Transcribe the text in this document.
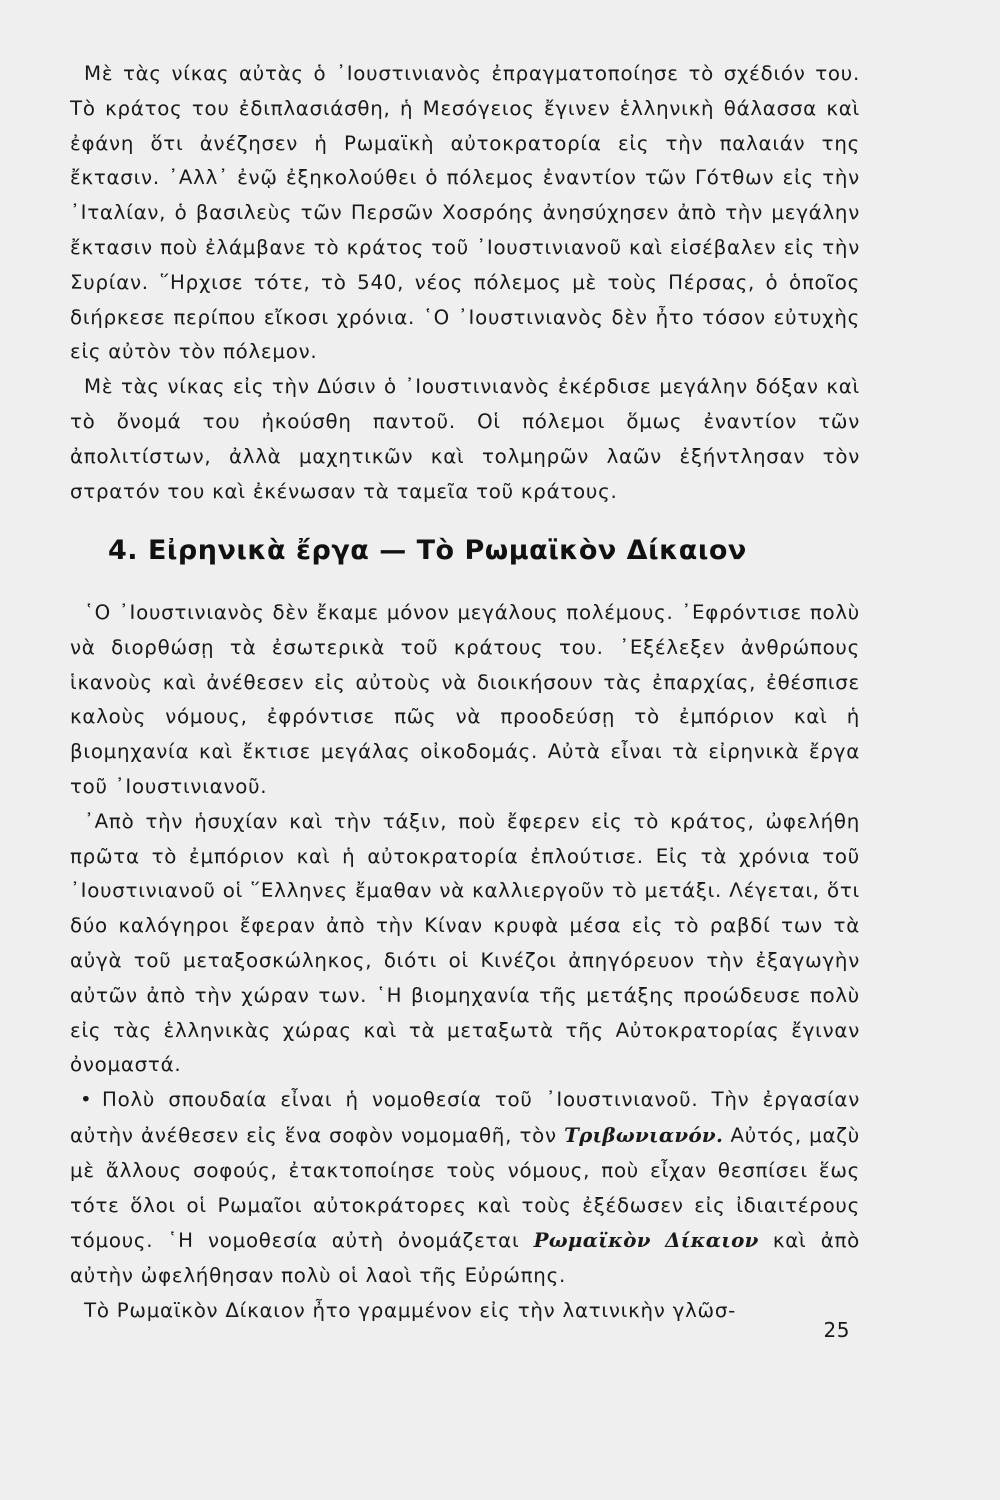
Μὲ τὰς νίκας αὐτὰς ὁ ᾽Ιουστινιανὸς ἐπραγματοποίησε τὸ σχέδιόν του. Τὸ κράτος του ἐδιπλασιάσθη, ἡ Μεσόγειος ἔγινεν ἑλληνικὴ θάλασσα καὶ ἐφάνη ὅτι ἀνέζησεν ἡ Ρωμαϊκὴ αὐτοκρατορία εἰς τὴν παλαιάν της ἔκτασιν. ᾽Αλλ᾽ ἐνῷ ἐξηκολούθει ὁ πόλεμος ἐναντίον τῶν Γότθων εἰς τὴν ᾽Ιταλίαν, ὁ βασιλεὺς τῶν Περσῶν Χοσρόης ἀνησύχησεν ἀπὸ τὴν μεγάλην ἔκτασιν ποὺ ἐλάμβανε τὸ κράτος τοῦ ᾽Ιουστινιανοῦ καὶ εἰσέβαλεν εἰς τὴν Συρίαν. ῞Ηρχισε τότε, τὸ 540, νέος πόλεμος μὲ τοὺς Πέρσας, ὁ ὁποῖος διήρκεσε περίπου εἴκοσι χρόνια. ῾Ο ᾽Ιουστινιανὸς δὲν ἦτο τόσον εὐτυχὴς εἰς αὐτὸν τὸν πόλεμον.

Μὲ τὰς νίκας εἰς τὴν Δύσιν ὁ ᾽Ιουστινιανὸς ἐκέρδισε μεγάλην δόξαν καὶ τὸ ὄνομά του ἠκούσθη παντοῦ. Οἱ πόλεμοι ὅμως ἐναντίον τῶν ἀπολιτίστων, ἀλλὰ μαχητικῶν καὶ τολμηρῶν λαῶν ἐξήντλησαν τὸν στρατόν του καὶ ἐκένωσαν τὰ ταμεῖα τοῦ κράτους.

4. Εἰρηνικὰ ἔργα — Τὸ Ρωμαϊκὸν Δίκαιον

῾Ο ᾽Ιουστινιανὸς δὲν ἔκαμε μόνον μεγάλους πολέμους. ᾽Εφρόντισε πολὺ νὰ διορθώσῃ τὰ ἐσωτερικὰ τοῦ κράτους του. ᾽Εξέλεξεν ἀνθρώπους ἱκανοὺς καὶ ἀνέθεσεν εἰς αὐτοὺς νὰ διοικήσουν τὰς ἐπαρχίας, ἐθέσπισε καλοὺς νόμους, ἐφρόντισε πῶς νὰ προοδεύσῃ τὸ ἐμπόριον καὶ ἡ βιομηχανία καὶ ἔκτισε μεγάλας οἰκοδομάς. Αὐτὰ εἶναι τὰ εἰρηνικὰ ἔργα τοῦ ᾽Ιουστινιανοῦ.

᾽Απὸ τὴν ἡσυχίαν καὶ τὴν τάξιν, ποὺ ἔφερεν εἰς τὸ κράτος, ὠφελήθη πρῶτα τὸ ἐμπόριον καὶ ἡ αὐτοκρατορία ἐπλούτισε. Εἰς τὰ χρόνια τοῦ ᾽Ιουστινιανοῦ οἱ ῞Ελληνες ἔμαθαν νὰ καλλιεργοῦν τὸ μετάξι. Λέγεται, ὅτι δύο καλόγηροι ἔφεραν ἀπὸ τὴν Κίναν κρυφὰ μέσα εἰς τὸ ραβδί των τὰ αὐγὰ τοῦ μεταξοσκώληκος, διότι οἱ Κινέζοι ἀπηγόρευον τὴν ἐξαγωγὴν αὐτῶν ἀπὸ τὴν χώραν των. ῾Η βιομηχανία τῆς μετάξης προώδευσε πολὺ εἰς τὰς ἑλληνικὰς χώρας καὶ τὰ μεταξωτὰ τῆς Αὐτοκρατορίας ἔγιναν ὀνομαστά.

• Πολὺ σπουδαία εἶναι ἡ νομοθεσία τοῦ ᾽Ιουστινιανοῦ. Τὴν ἐργασίαν αὐτὴν ἀνέθεσεν εἰς ἕνα σοφὸν νομομαθῆ, τὸν Τριβωνιανόν. Αὐτός, μαζὺ μὲ ἄλλους σοφούς, ἐτακτοποίησε τοὺς νόμους, ποὺ εἶχαν θεσπίσει ἕως τότε ὅλοι οἱ Ρωμαῖοι αὐτοκράτορες καὶ τοὺς ἐξέδωσεν εἰς ἰδιαιτέρους τόμους. ῾Η νομοθεσία αὐτὴ ὀνομάζεται Ρωμαϊκὸν Δίκαιον καὶ ἀπὸ αὐτὴν ὠφελήθησαν πολὺ οἱ λαοὶ τῆς Εὐρώπης.

Τὸ Ρωμαϊκὸν Δίκαιον ἦτο γραμμένον εἰς τὴν λατινικὴν γλῶσ-

25
